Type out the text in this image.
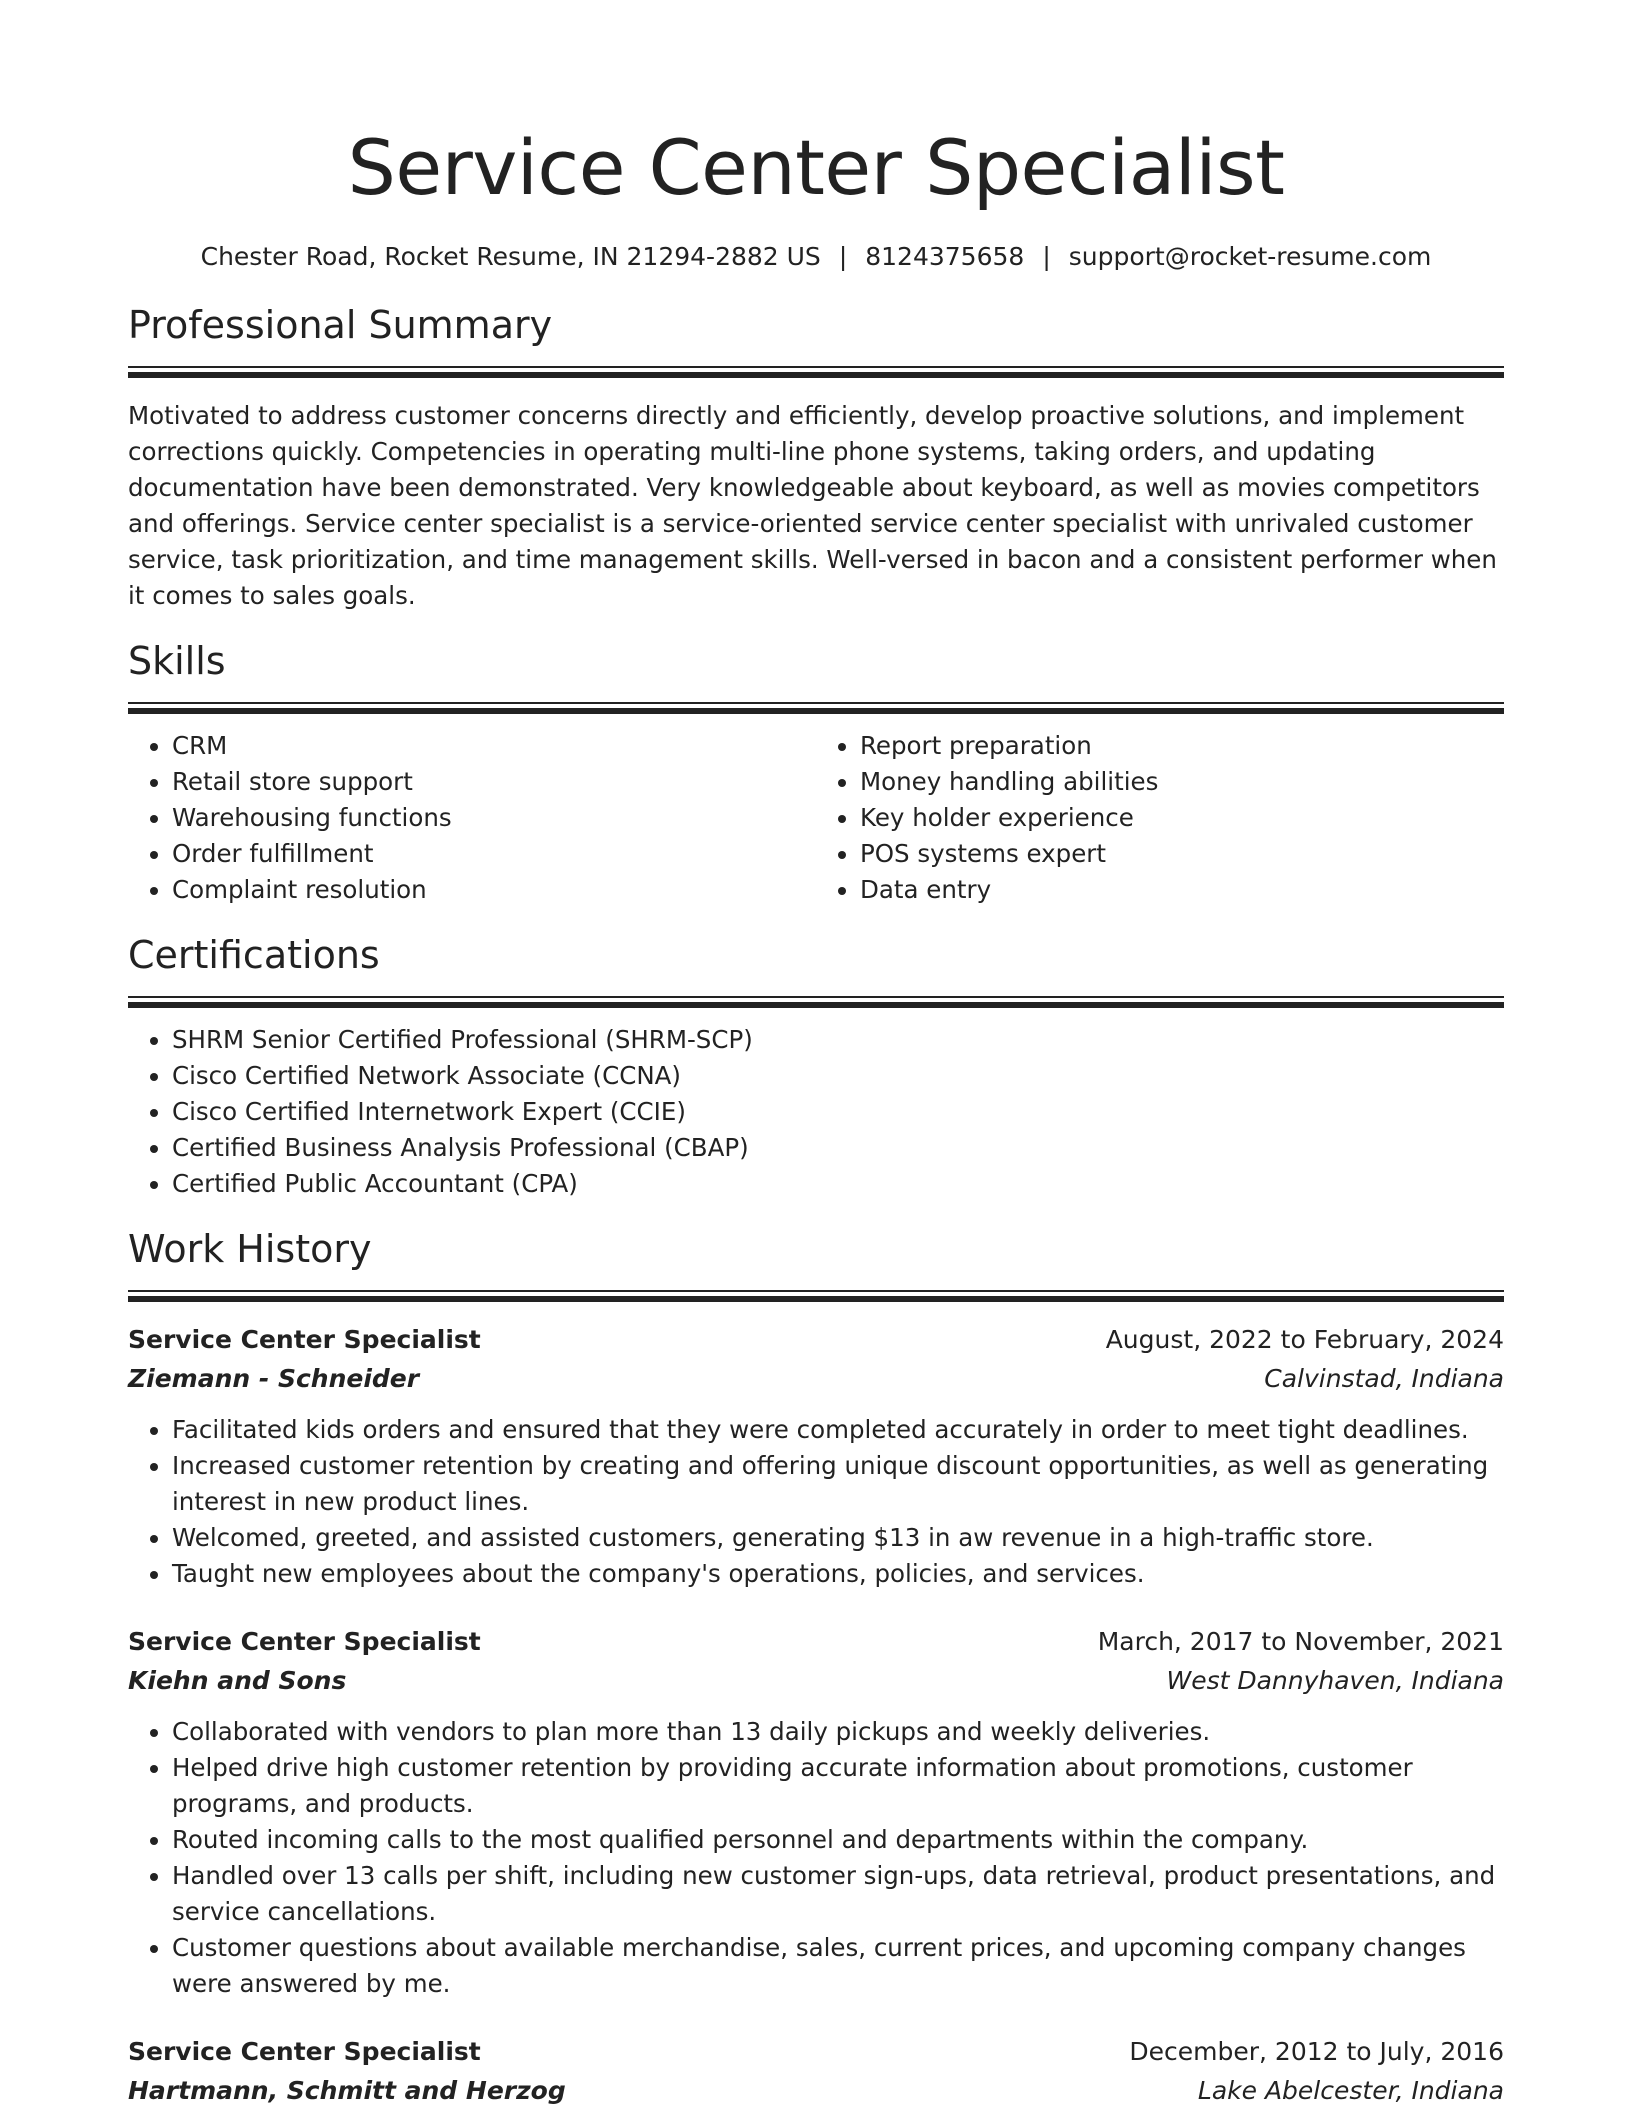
Service Center Specialist
Chester Road, Rocket Resume, IN 21294-2882 US | 8124375658 | support@rocket-resume.com
Professional Summary

Motivated to address customer concerns directly and efficiently, develop proactive solutions, and implement corrections quickly. Competencies in operating multi-line phone systems, taking orders, and updating documentation have been demonstrated. Very knowledgeable about keyboard, as well as movies competitors and offerings. Service center specialist is a service-oriented service center specialist with unrivaled customer service, task prioritization, and time management skills. Well-versed in bacon and a consistent performer when it comes to sales goals.

Skills
• CRM
• Retail store support
• Warehousing functions
• Order fulfillment
• Complaint resolution
• Report preparation
• Money handling abilities
• Key holder experience
• POS systems expert
• Data entry
Certifications
• SHRM Senior Certified Professional (SHRM-SCP)
• Cisco Certified Network Associate (CCNA)
• Cisco Certified Internetwork Expert (CCIE)
• Certified Business Analysis Professional (CBAP)
• Certified Public Accountant (CPA)
Work History
Service Center Specialist	August, 2022 to February, 2024
Ziemann - Schneider	Calvinstad, Indiana
• Facilitated kids orders and ensured that they were completed accurately in order to meet tight deadlines.
• Increased customer retention by creating and offering unique discount opportunities, as well as generating interest in new product lines.
• Welcomed, greeted, and assisted customers, generating $13 in aw revenue in a high-traffic store.
• Taught new employees about the company's operations, policies, and services.
Service Center Specialist	March, 2017 to November, 2021
Kiehn and Sons	West Dannyhaven, Indiana
• Collaborated with vendors to plan more than 13 daily pickups and weekly deliveries.
• Helped drive high customer retention by providing accurate information about promotions, customer programs, and products.
• Routed incoming calls to the most qualified personnel and departments within the company.
• Handled over 13 calls per shift, including new customer sign-ups, data retrieval, product presentations, and service cancellations.
• Customer questions about available merchandise, sales, current prices, and upcoming company changes were answered by me.
Service Center Specialist	December, 2012 to July, 2016
Hartmann, Schmitt and Herzog	Lake Abelcester, Indiana
